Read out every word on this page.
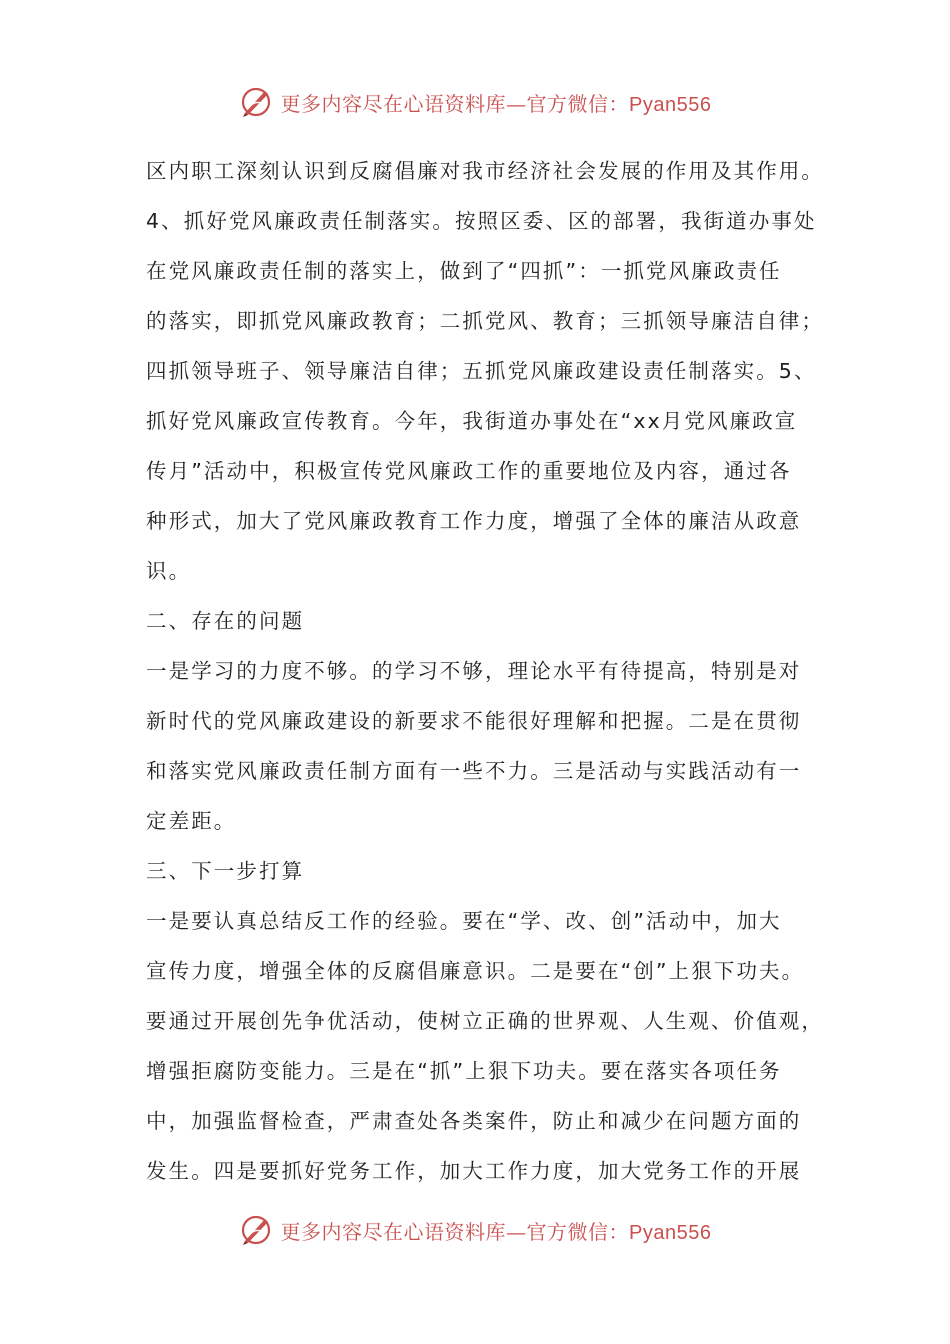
更多内容尽在心语资料库—官方微信：Pyan556
区内职工深刻认识到反腐倡廉对我市经济社会发展的作用及其作用。
4、抓好党风廉政责任制落实。按照区委、区的部署，我街道办事处
在党风廉政责任制的落实上，做到了“四抓”：一抓党风廉政责任
的落实，即抓党风廉政教育；二抓党风、教育；三抓领导廉洁自律；
四抓领导班子、领导廉洁自律；五抓党风廉政建设责任制落实。5、
抓好党风廉政宣传教育。今年，我街道办事处在“xx月党风廉政宣
传月”活动中，积极宣传党风廉政工作的重要地位及内容，通过各
种形式，加大了党风廉政教育工作力度，增强了全体的廉洁从政意
识。
二、存在的问题
一是学习的力度不够。的学习不够，理论水平有待提高，特别是对
新时代的党风廉政建设的新要求不能很好理解和把握。二是在贯彻
和落实党风廉政责任制方面有一些不力。三是活动与实践活动有一
定差距。
三、下一步打算
一是要认真总结反工作的经验。要在“学、改、创”活动中，加大
宣传力度，增强全体的反腐倡廉意识。二是要在“创”上狠下功夫。
要通过开展创先争优活动，使树立正确的世界观、人生观、价值观，
增强拒腐防变能力。三是在“抓”上狠下功夫。要在落实各项任务
中，加强监督检查，严肃查处各类案件，防止和减少在问题方面的
发生。四是要抓好党务工作，加大工作力度，加大党务工作的开展
更多内容尽在心语资料库—官方微信：Pyan556
